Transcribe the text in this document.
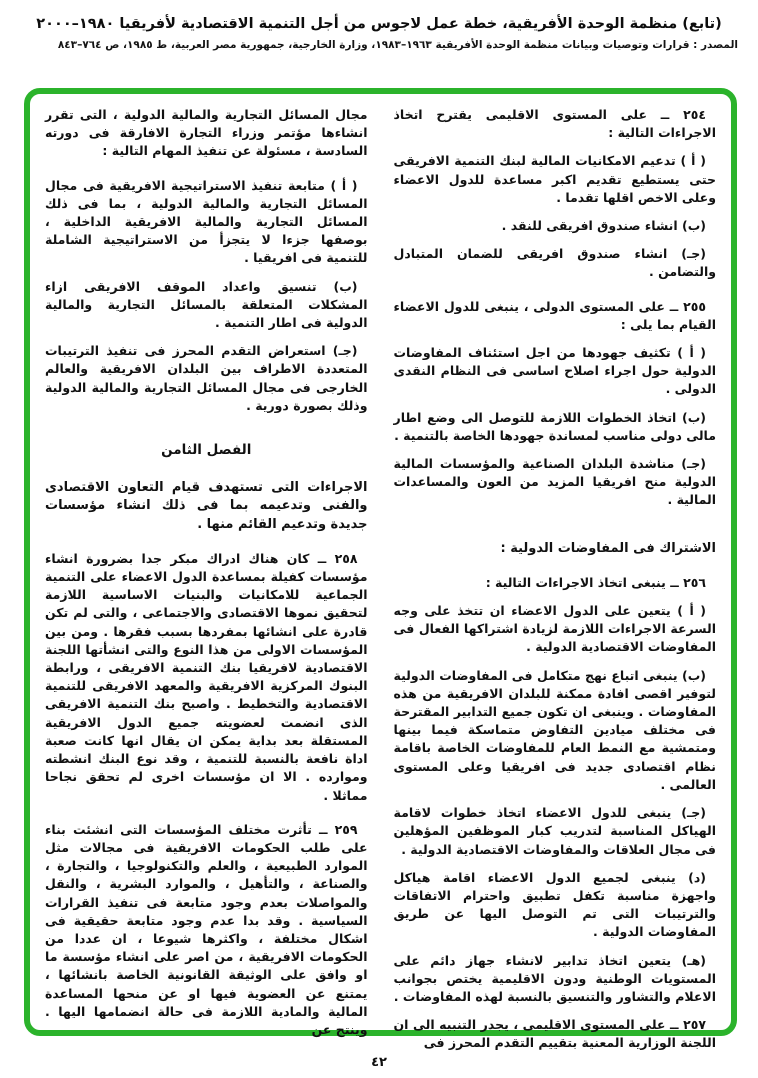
(تابع) منظمة الوحدة الأفريقية، خطة عمل لاجوس من أجل التنمية الاقتصادية لأفريقيا ١٩٨٠–٢٠٠٠
المصدر : قرارات وتوصيات وبيانات منظمة الوحدة الأفريقية ١٩٦٣–١٩٨٣، وزارة الخارجية، جمهورية مصر العربية، ط ١٩٨٥، ص ٧٦٤–٨٤٣

٢٥٤ ــ على المستوى الاقليمى يقترح اتخاذ الاجراءات التالية :

( أ ) تدعيم الامكانيات المالية لبنك التنمية الافريقى حتى يستطيع تقديم اكبر مساعدة للدول الاعضاء وعلى الاخص اقلها تقدما .

(ب) انشاء صندوق افريقى للنقد .

(جـ) انشاء صندوق افريقى للضمان المتبادل والتضامن .

٢٥٥ ــ على المستوى الدولى ، ينبغى للدول الاعضاء القيام بما يلى :

( أ ) تكثيف جهودها من اجل استئناف المفاوضات الدولية حول اجراء اصلاح اساسى فى النظام النقدى الدولى .

(ب) اتخاذ الخطوات اللازمة للتوصل الى وضع اطار مالى دولى مناسب لمساندة جهودها الخاصة بالتنمية .

(جـ) مناشدة البلدان الصناعية والمؤسسات المالية الدولية منح افريقيا المزيد من العون والمساعدات المالية .

الاشتراك فى المفاوضات الدولية :

٢٥٦ ــ ينبغى اتخاذ الاجراءات التالية :

( أ ) يتعين على الدول الاعضاء ان تتخذ على وجه السرعة الاجراءات اللازمة لزيادة اشتراكها الفعال فى المفاوضات الاقتصادية الدولية .

(ب) ينبغى اتباع نهج متكامل فى المفاوضات الدولية لتوفير اقصى افادة ممكنة للبلدان الافريقية من هذه المفاوضات . وينبغى ان تكون جميع التدابير المقترحة فى مختلف ميادين التفاوض متماسكة فيما بينها ومتمشية مع النمط العام للمفاوضات الخاصة باقامة نظام اقتصادى جديد فى افريقيا وعلى المستوى العالمى .

(جـ) ينبغى للدول الاعضاء اتخاذ خطوات لاقامة الهياكل المناسبة لتدريب كبار الموظفين المؤهلين فى مجال العلاقات والمفاوضات الاقتصادية الدولية .

(د) ينبغى لجميع الدول الاعضاء اقامة هياكل واجهزة مناسبة تكفل تطبيق واحترام الاتفاقات والترتيبات التى تم التوصل اليها عن طريق المفاوضات الدولية .

(هـ) يتعين اتخاذ تدابير لانشاء جهاز دائم على المستويات الوطنية ودون الاقليمية يختص بجوانب الاعلام والتشاور والتنسيق بالنسبة لهذه المفاوضات .

٢٥٧ ــ على المستوى الاقليمى ، يجدر التنبيه الى ان اللجنة الوزارية المعنية بتقييم التقدم المحرز فى

مجال المسائل التجارية والمالية الدولية ، التى تقرر انشاءها مؤتمر وزراء التجارة الافارقة فى دورته السادسة ، مسئولة عن تنفيذ المهام التالية :

( أ ) متابعة تنفيذ الاستراتيجية الافريقية فى مجال المسائل التجارية والمالية الدولية ، بما فى ذلك المسائل التجارية والمالية الافريقية الداخلية ، بوصفها جزءا لا يتجزأ من الاستراتيجية الشاملة للتنمية فى افريقيا .

(ب) تنسيق واعداد الموقف الافريقى ازاء المشكلات المتعلقة بالمسائل التجارية والمالية الدولية فى اطار التنمية .

(جـ) استعراض التقدم المحرز فى تنفيذ الترتيبات المتعددة الاطراف بين البلدان الافريقية والعالم الخارجى فى مجال المسائل التجارية والمالية الدولية وذلك بصورة دورية .

الفصل الثامن

الاجراءات التى تستهدف قيام التعاون الاقتصادى والفنى وتدعيمه بما فى ذلك انشاء مؤسسات جديدة وتدعيم القائم منها .

٢٥٨ ــ كان هناك ادراك مبكر جدا بضرورة انشاء مؤسسات كفيلة بمساعدة الدول الاعضاء على التنمية الجماعية للامكانيات والبنيات الاساسية اللازمة لتحقيق نموها الاقتصادى والاجتماعى ، والتى لم تكن قادرة على انشائها بمفردها بسبب فقرها . ومن بين المؤسسات الاولى من هذا النوع والتى انشأتها اللجنة الاقتصادية لافريقيا بنك التنمية الافريقى ، ورابطة البنوك المركزية الافريقية والمعهد الافريقى للتنمية الاقتصادية والتخطيط . واصبح بنك التنمية الافريقى الذى انضمت لعضويته جميع الدول الافريقية المستقلة بعد بداية يمكن ان يقال انها كانت صعبة اداة نافعة بالنسبة للتنمية ، وقد نوع البنك انشطته وموارده . الا ان مؤسسات اخرى لم تحقق نجاحا مماثلا .

٢٥٩ ــ تأثرت مختلف المؤسسات التى انشئت بناء على طلب الحكومات الافريقية فى مجالات مثل الموارد الطبيعية ، والعلم والتكنولوجيا ، والتجارة ، والصناعة ، والتأهيل ، والموارد البشرية ، والنقل والمواصلات بعدم وجود متابعة فى تنفيذ القرارات السياسية . وقد بدا عدم وجود متابعة حقيقية فى اشكال مختلفة ، واكثرها شيوعا ، ان عددا من الحكومات الافريقية ، من اصر على انشاء مؤسسة ما او وافق على الوثيقة القانونية الخاصة بانشائها ، يمتنع عن العضوية فيها او عن منحها المساعدة المالية والمادية اللازمة فى حالة انضمامها اليها . وينتج عن

٤٢
